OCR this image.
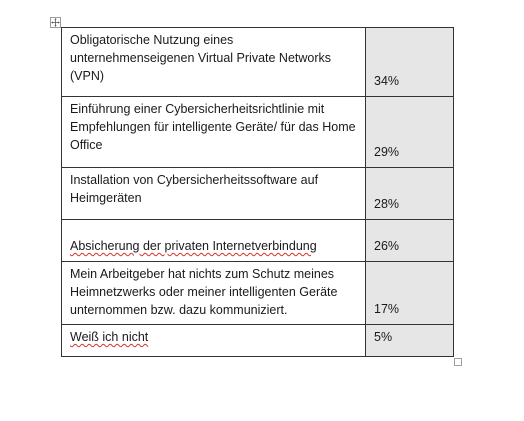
Obligatorische Nutzung eines unternehmenseigenen Virtual Private Networks (VPN)	34%
Einführung einer Cybersicherheitsrichtlinie mit Empfehlungen für intelligente Geräte/ für das Home Office	29%
Installation von Cybersicherheitssoftware auf Heimgeräten	28%
Absicherung der privaten Internetverbindung	26%
Mein Arbeitgeber hat nichts zum Schutz meines Heimnetzwerks oder meiner intelligenten Geräte unternommen bzw. dazu kommuniziert.	17%
Weiß ich nicht	5%
